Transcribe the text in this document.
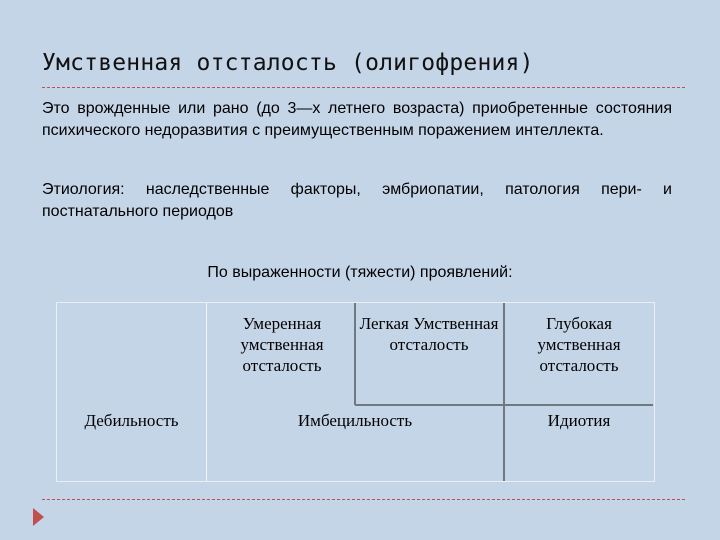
Умственная отсталость (олигофрения)
Это врожденные или рано (до 3—х летнего возраста) приобретенные состояния психического недоразвития с преимущественным поражением интеллекта.
Этиология: наследственные факторы, эмбриопатии, патология пери- и постнатального периодов
По выраженности (тяжести) проявлений:
Умеренная умственная отсталость
Легкая Умственная отсталость
Глубокая умственная отсталость
Дебильность	Имбецильность	Идиотия
